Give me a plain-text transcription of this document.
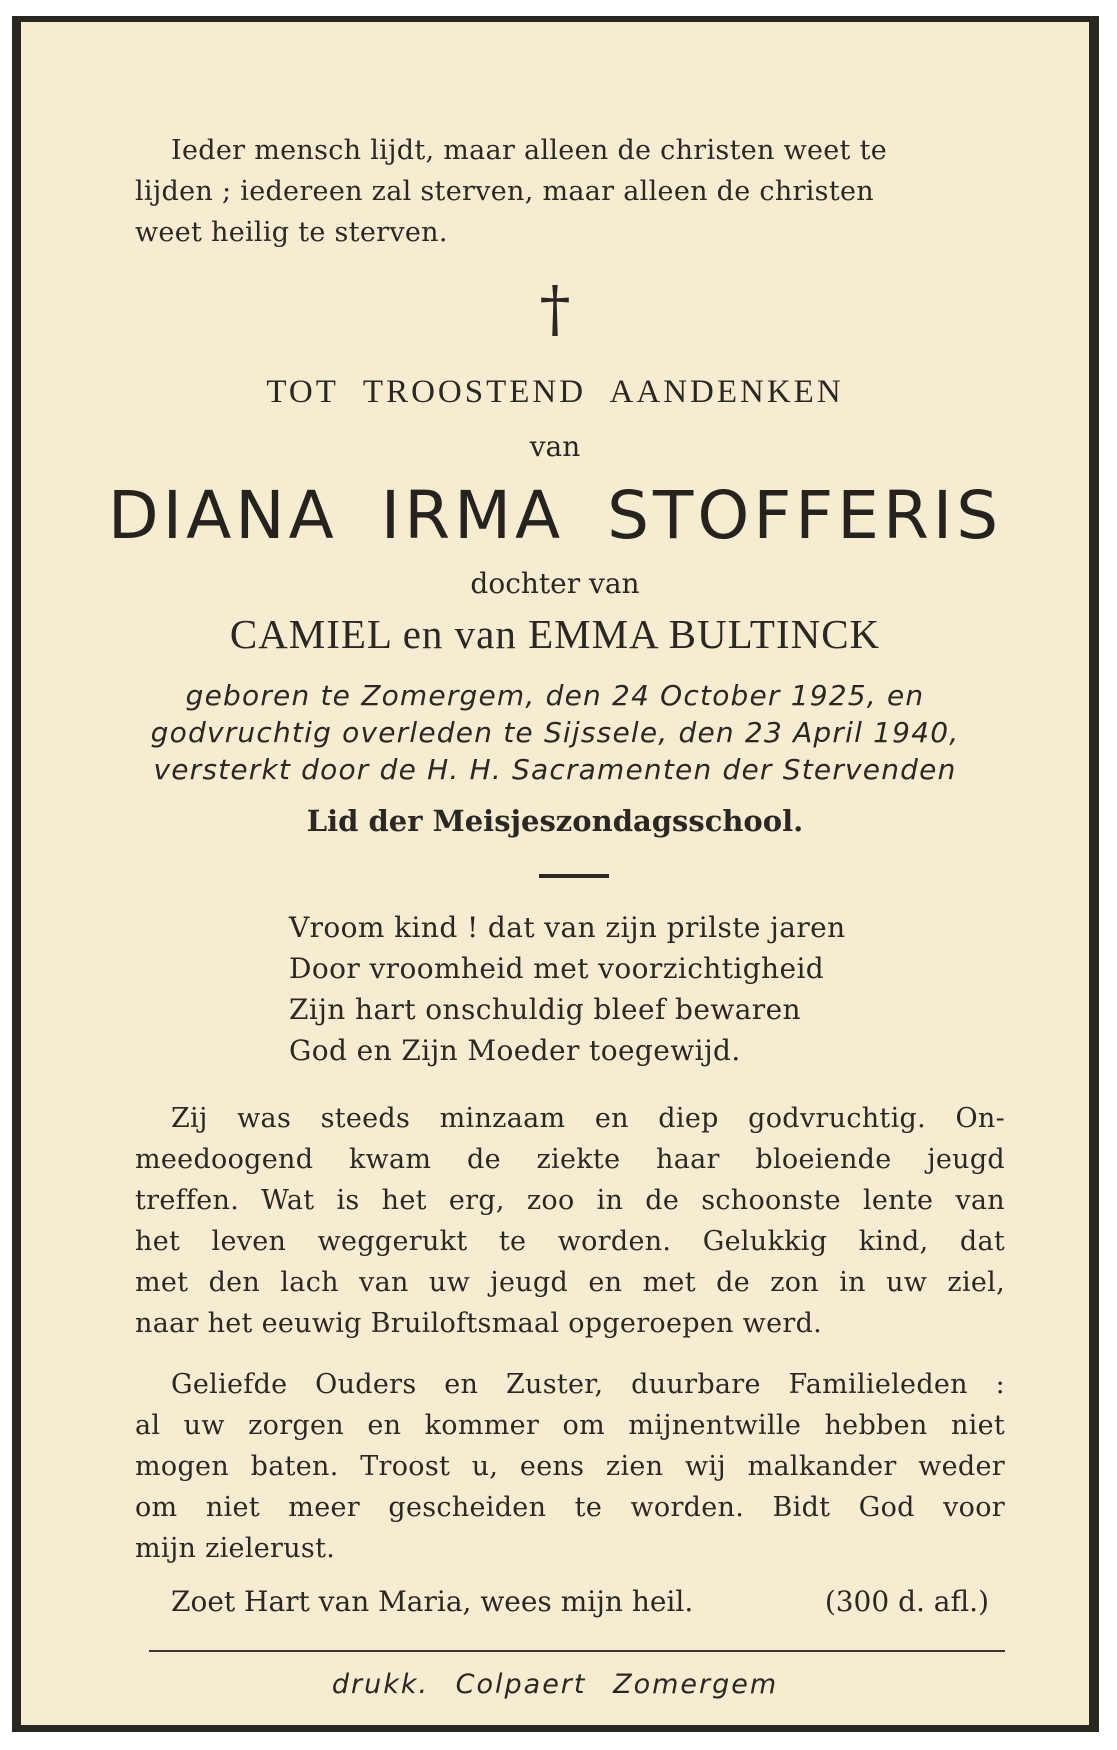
Ieder mensch lijdt, maar alleen de christen weet te

lijden ; iedereen zal sterven, maar alleen de christen

weet heilig te sterven.

†
TOT TROOSTEND AANDENKEN
van
DIANA IRMA STOFFERIS
dochter van
CAMIEL en van EMMA BULTINCK
geboren te Zomergem, den 24 October 1925, en
godvruchtig overleden te Sijssele, den 23 April 1940,
versterkt door de H. H. Sacramenten der Stervenden
Lid der Meisjeszondagsschool.

Vroom kind ! dat van zijn prilste jaren

Door vroomheid met voorzichtigheid

Zijn hart onschuldig bleef bewaren

God en Zijn Moeder toegewijd.

Zij was steeds minzaam en diep godvruchtig. On-

meedoogend kwam de ziekte haar bloeiende jeugd

treffen. Wat is het erg, zoo in de schoonste lente van

het leven weggerukt te worden. Gelukkig kind, dat

met den lach van uw jeugd en met de zon in uw ziel,

naar het eeuwig Bruiloftsmaal opgeroepen werd.

Geliefde Ouders en Zuster, duurbare Familieleden :

al uw zorgen en kommer om mijnentwille hebben niet

mogen baten. Troost u, eens zien wij malkander weder

om niet meer gescheiden te worden. Bidt God voor

mijn zielerust.

Zoet Hart van Maria, wees mijn heil.	(300 d. afl.)
drukk. Colpaert Zomergem
